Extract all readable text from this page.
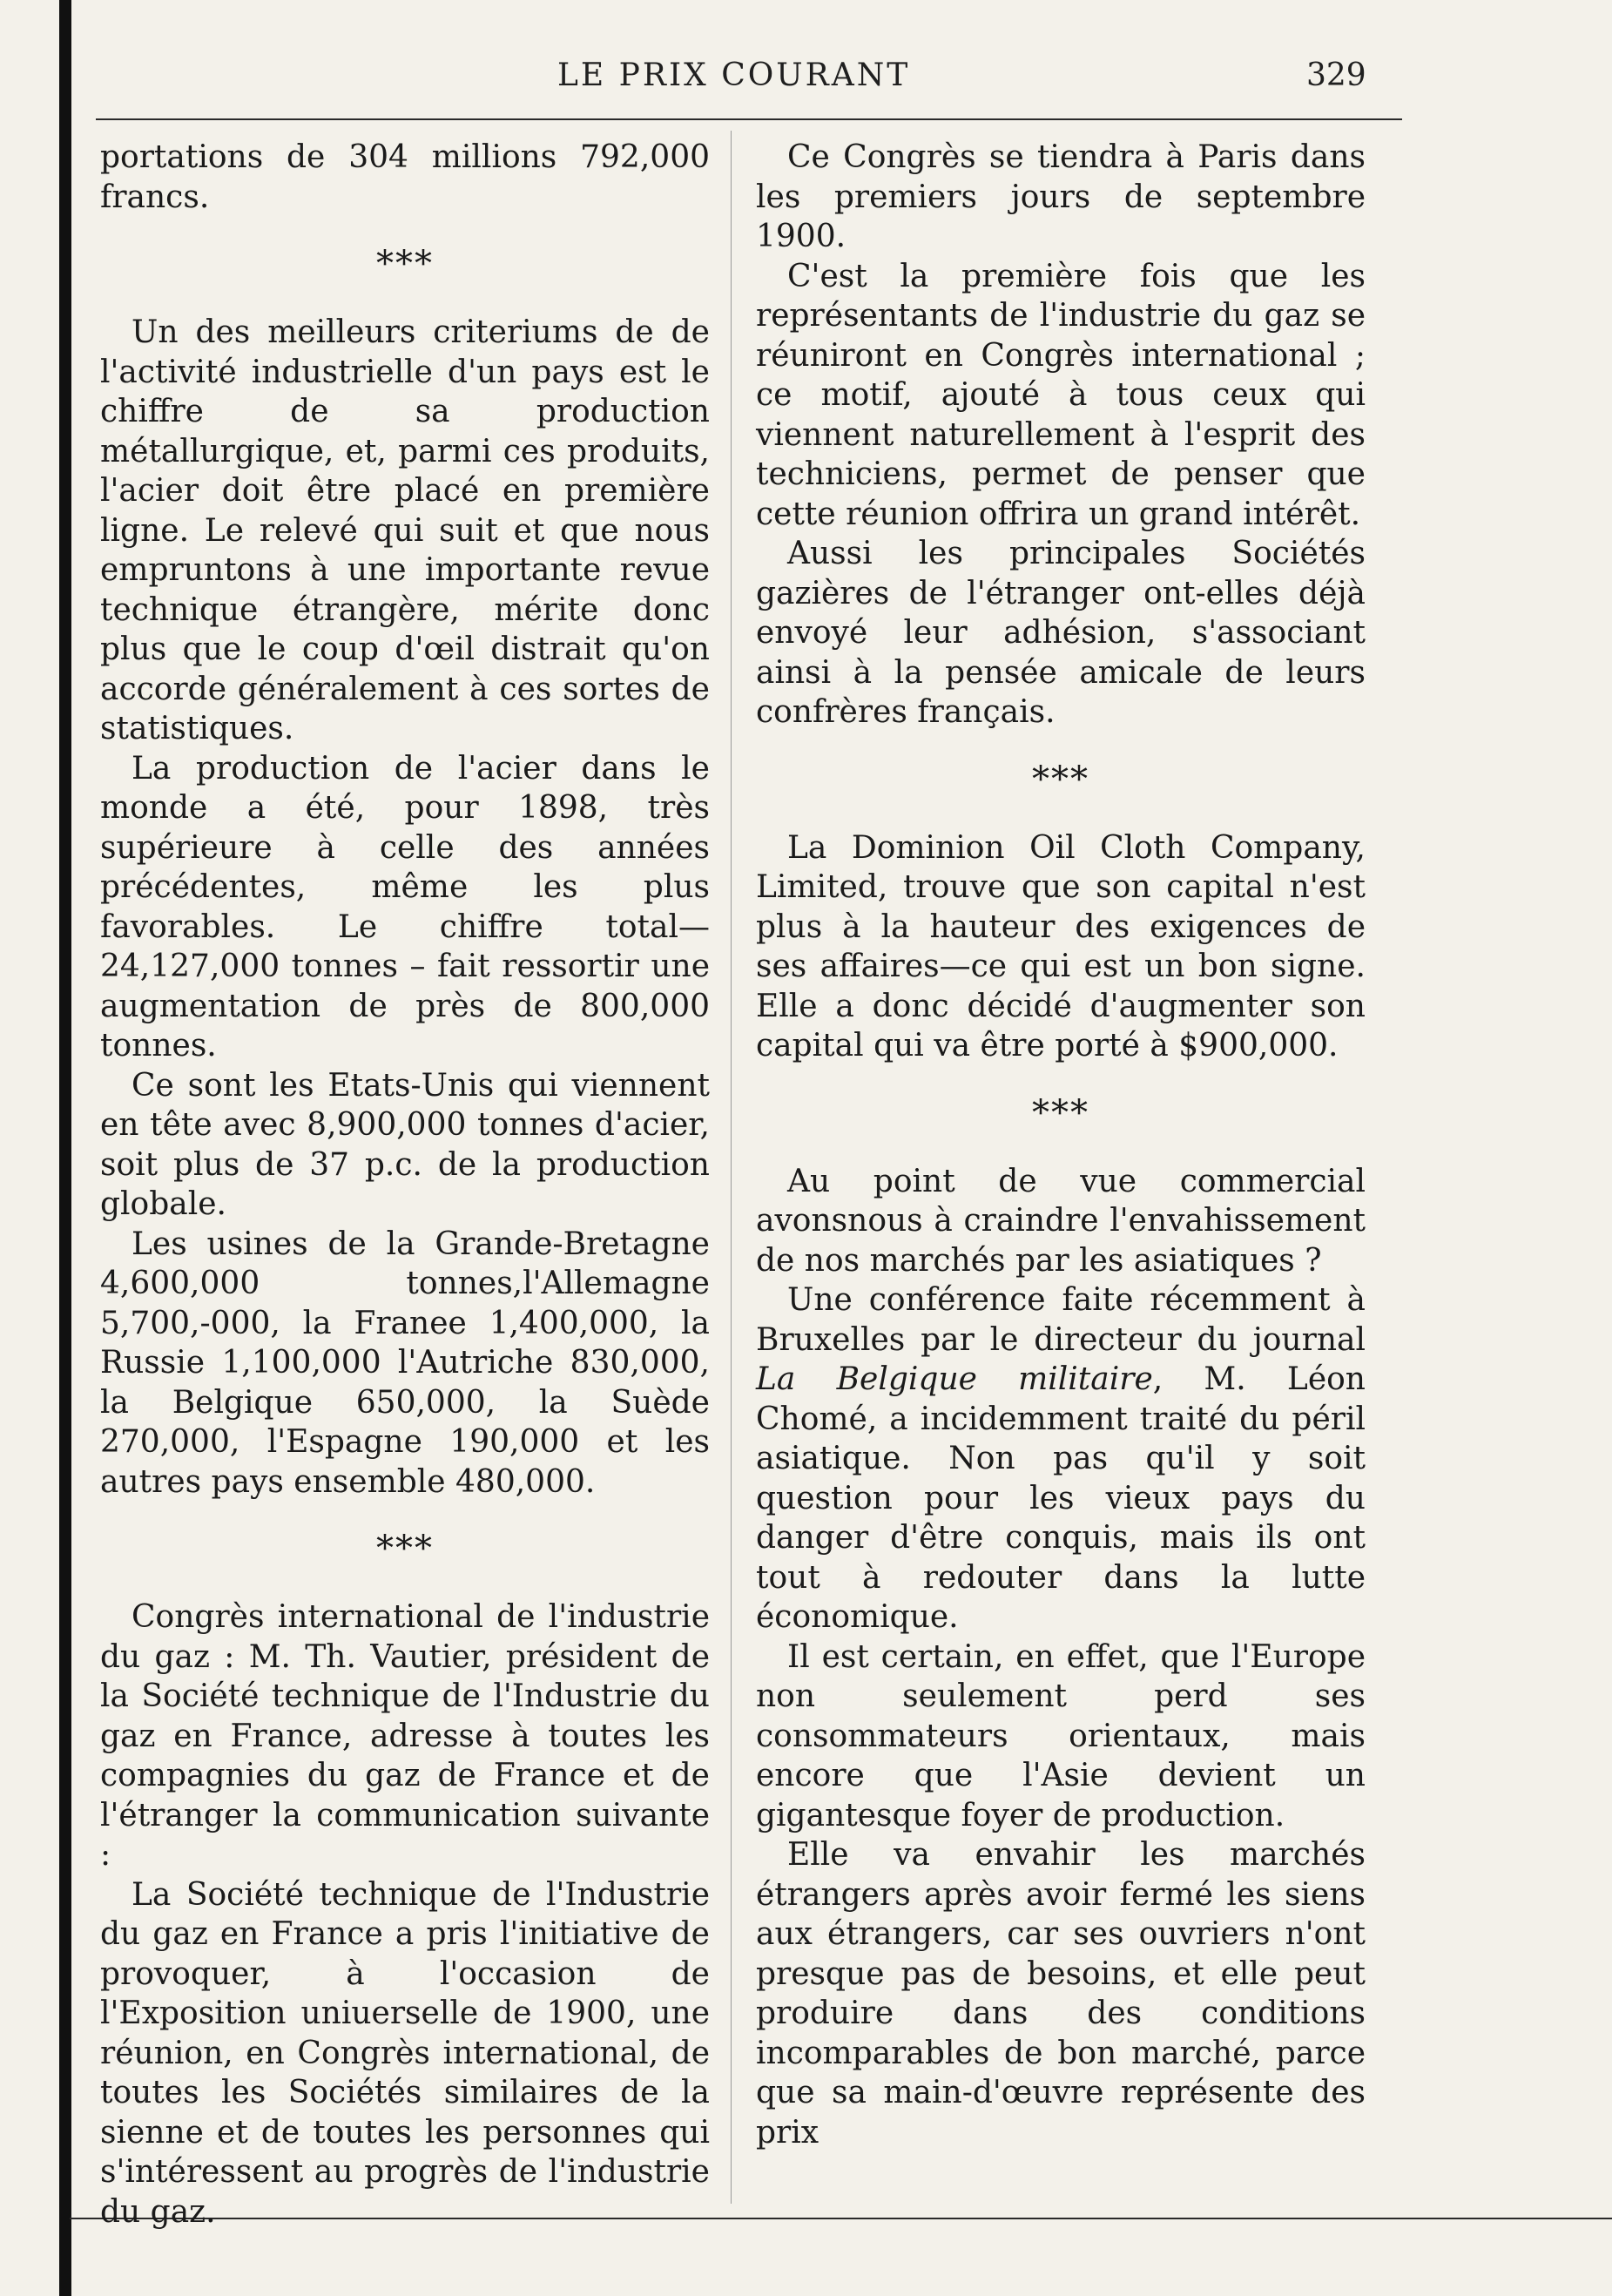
LE PRIX COURANT	329

portations de 304 millions 792,000 francs.

***

Un des meilleurs criteriums de de l'activité industrielle d'un pays est le chiffre de sa production métallurgique, et, parmi ces produits, l'acier doit être placé en première ligne. Le relevé qui suit et que nous empruntons à une importante revue technique étrangère, mérite donc plus que le coup d'œil distrait qu'on accorde généralement à ces sortes de statistiques.

La production de l'acier dans le monde a été, pour 1898, très supérieure à celle des années précédentes, même les plus favorables. Le chiffre total—24,127,000 tonnes – fait ressortir une augmentation de près de 800,000 tonnes.

Ce sont les Etats-Unis qui viennent en tête avec 8,900,000 tonnes d'acier, soit plus de 37 p.c. de la production globale.

Les usines de la Grande-Bretagne 4,600,000 tonnes,l'Allemagne 5,700,-000, la Franee 1,400,000, la Russie 1,100,000 l'Autriche 830,000, la Belgique 650,000, la Suède 270,000, l'Espagne 190,000 et les autres pays ensemble 480,000.

***

Congrès international de l'industrie du gaz : M. Th. Vautier, président de la Société technique de l'Industrie du gaz en France, adresse à toutes les compagnies du gaz de France et de l'étranger la communication suivante :

La Société technique de l'Industrie du gaz en France a pris l'initiative de provoquer, à l'occasion de l'Exposition uniuerselle de 1900, une réunion, en Congrès international, de toutes les Sociétés similaires de la sienne et de toutes les personnes qui s'intéressent au progrès de l'industrie du gaz.

Ce Congrès se tiendra à Paris dans les premiers jours de septembre 1900.

C'est la première fois que les représentants de l'industrie du gaz se réuniront en Congrès international ; ce motif, ajouté à tous ceux qui viennent naturellement à l'esprit des techniciens, permet de penser que cette réunion offrira un grand intérêt.

Aussi les principales Sociétés gazières de l'étranger ont-elles déjà envoyé leur adhésion, s'associant ainsi à la pensée amicale de leurs confrères français.

***

La Dominion Oil Cloth Company, Limited, trouve que son capital n'est plus à la hauteur des exigences de ses affaires—ce qui est un bon signe. Elle a donc décidé d'augmenter son capital qui va être porté à $900,000.

***

Au point de vue commercial avonsnous à craindre l'envahissement de nos marchés par les asiatiques ?

Une conférence faite récemment à Bruxelles par le directeur du journal La Belgique militaire, M. Léon Chomé, a incidemment traité du péril asiatique. Non pas qu'il y soit question pour les vieux pays du danger d'être conquis, mais ils ont tout à redouter dans la lutte économique.

Il est certain, en effet, que l'Europe non seulement perd ses consommateurs orientaux, mais encore que l'Asie devient un gigantesque foyer de production.

Elle va envahir les marchés étrangers après avoir fermé les siens aux étrangers, car ses ouvriers n'ont presque pas de besoins, et elle peut produire dans des conditions incomparables de bon marché, parce que sa main-d'œuvre représente des prix
